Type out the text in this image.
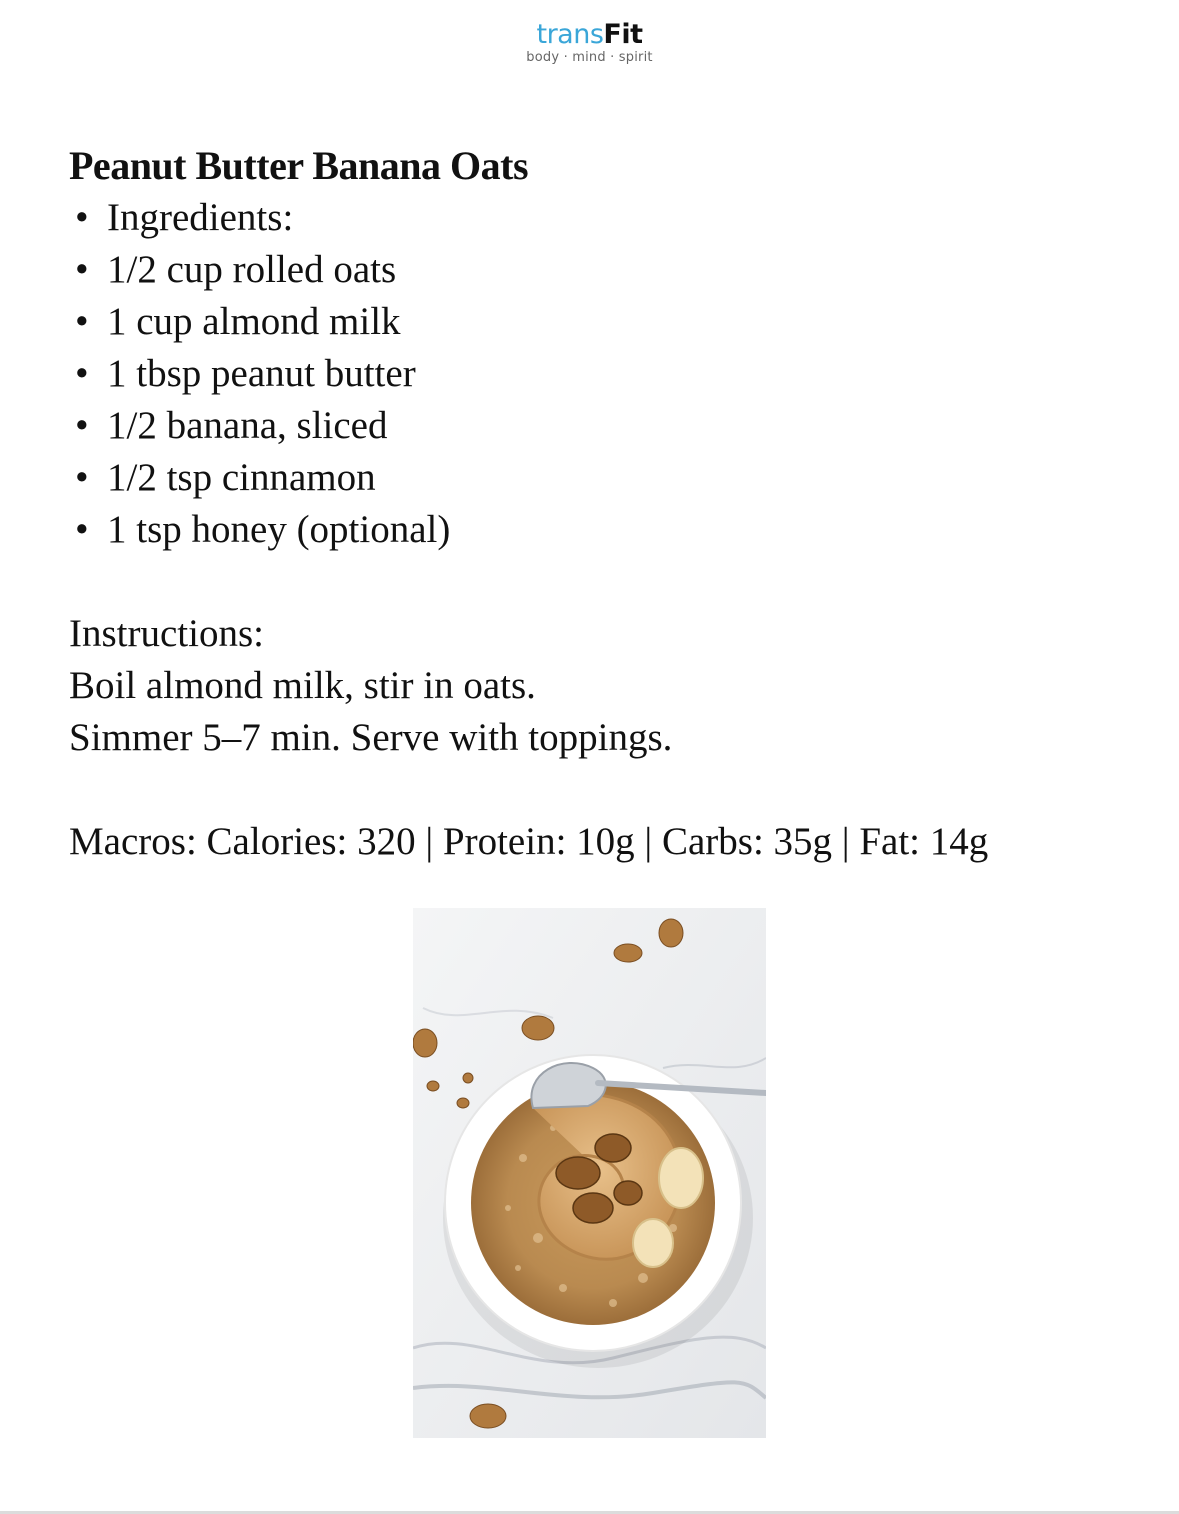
transFit
body · mind · spirit
Peanut Butter Banana Oats
• Ingredients:
• 1/2 cup rolled oats
• 1 cup almond milk
• 1 tbsp peanut butter
• 1/2 banana, sliced
• 1/2 tsp cinnamon
• 1 tsp honey (optional)

Instructions:

Boil almond milk, stir in oats.

Simmer 5–7 min. Serve with toppings.

Macros: Calories: 320 | Protein: 10g | Carbs: 35g | Fat: 14g
